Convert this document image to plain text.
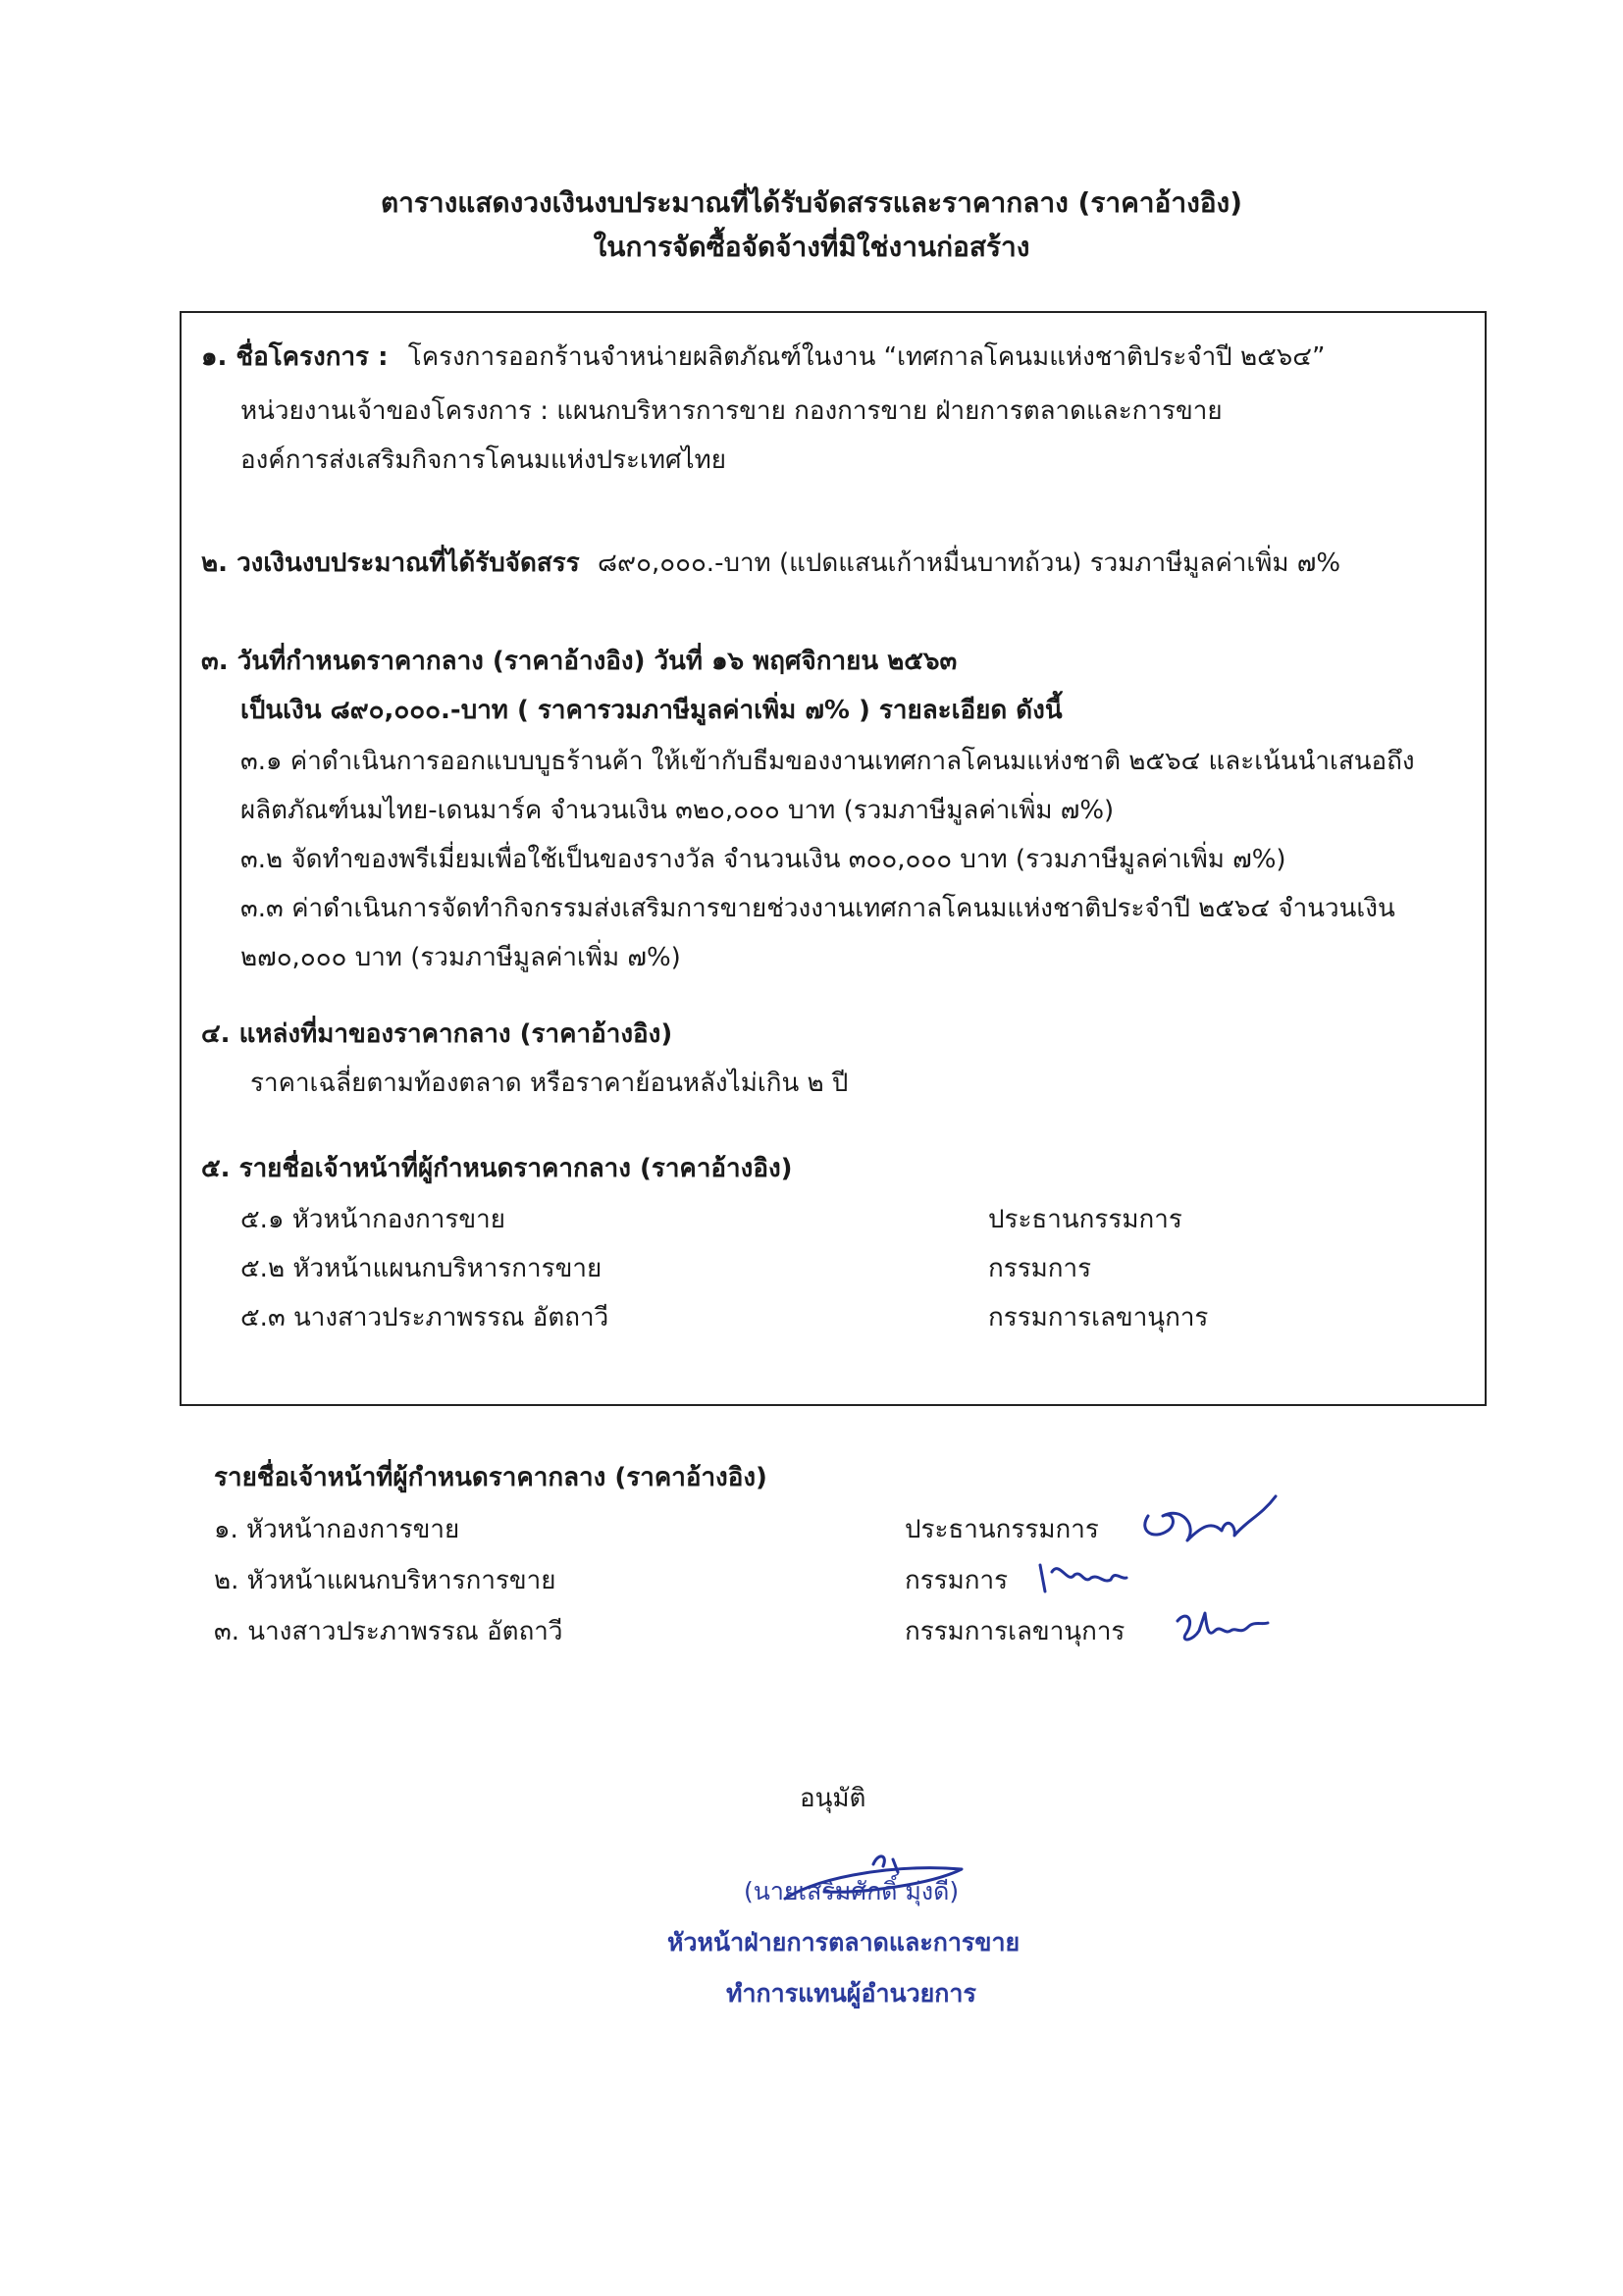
ตารางแสดงวงเงินงบประมาณที่ได้รับจัดสรรและราคากลาง (ราคาอ้างอิง)
ในการจัดซื้อจัดจ้างที่มิใช่งานก่อสร้าง
๑. ชื่อโครงการ : โครงการออกร้านจำหน่ายผลิตภัณฑ์ในงาน “เทศกาลโคนมแห่งชาติประจำปี ๒๕๖๔”
หน่วยงานเจ้าของโครงการ : แผนกบริหารการขาย กองการขาย ฝ่ายการตลาดและการขาย
องค์การส่งเสริมกิจการโคนมแห่งประเทศไทย
๒. วงเงินงบประมาณที่ได้รับจัดสรร ๘๙๐,๐๐๐.-บาท (แปดแสนเก้าหมื่นบาทถ้วน) รวมภาษีมูลค่าเพิ่ม ๗%
๓. วันที่กำหนดราคากลาง (ราคาอ้างอิง) วันที่ ๑๖ พฤศจิกายน ๒๕๖๓
เป็นเงิน ๘๙๐,๐๐๐.-บาท ( ราคารวมภาษีมูลค่าเพิ่ม ๗% ) รายละเอียด ดังนี้
๓.๑ ค่าดำเนินการออกแบบบูธร้านค้า ให้เข้ากับธีมของงานเทศกาลโคนมแห่งชาติ ๒๕๖๔ และเน้นนำเสนอถึง
ผลิตภัณฑ์นมไทย-เดนมาร์ค จำนวนเงิน ๓๒๐,๐๐๐ บาท (รวมภาษีมูลค่าเพิ่ม ๗%)
๓.๒ จัดทำของพรีเมี่ยมเพื่อใช้เป็นของรางวัล จำนวนเงิน ๓๐๐,๐๐๐ บาท (รวมภาษีมูลค่าเพิ่ม ๗%)
๓.๓ ค่าดำเนินการจัดทำกิจกรรมส่งเสริมการขายช่วงงานเทศกาลโคนมแห่งชาติประจำปี ๒๕๖๔ จำนวนเงิน
๒๗๐,๐๐๐ บาท (รวมภาษีมูลค่าเพิ่ม ๗%)
๔. แหล่งที่มาของราคากลาง (ราคาอ้างอิง)
ราคาเฉลี่ยตามท้องตลาด หรือราคาย้อนหลังไม่เกิน ๒ ปี
๕. รายชื่อเจ้าหน้าที่ผู้กำหนดราคากลาง (ราคาอ้างอิง)
๕.๑ หัวหน้ากองการขาย	ประธานกรรมการ
๕.๒ หัวหน้าแผนกบริหารการขาย	กรรมการ
๕.๓ นางสาวประภาพรรณ อัตถาวี	กรรมการเลขานุการ
รายชื่อเจ้าหน้าที่ผู้กำหนดราคากลาง (ราคาอ้างอิง)
๑. หัวหน้ากองการขาย	ประธานกรรมการ
๒. หัวหน้าแผนกบริหารการขาย	กรรมการ
๓. นางสาวประภาพรรณ อัตถาวี	กรรมการเลขานุการ
อนุมัติ
(นายเสริมศักดิ์ มุ่งดี)
หัวหน้าฝ่ายการตลาดและการขาย
ทำการแทนผู้อำนวยการ
